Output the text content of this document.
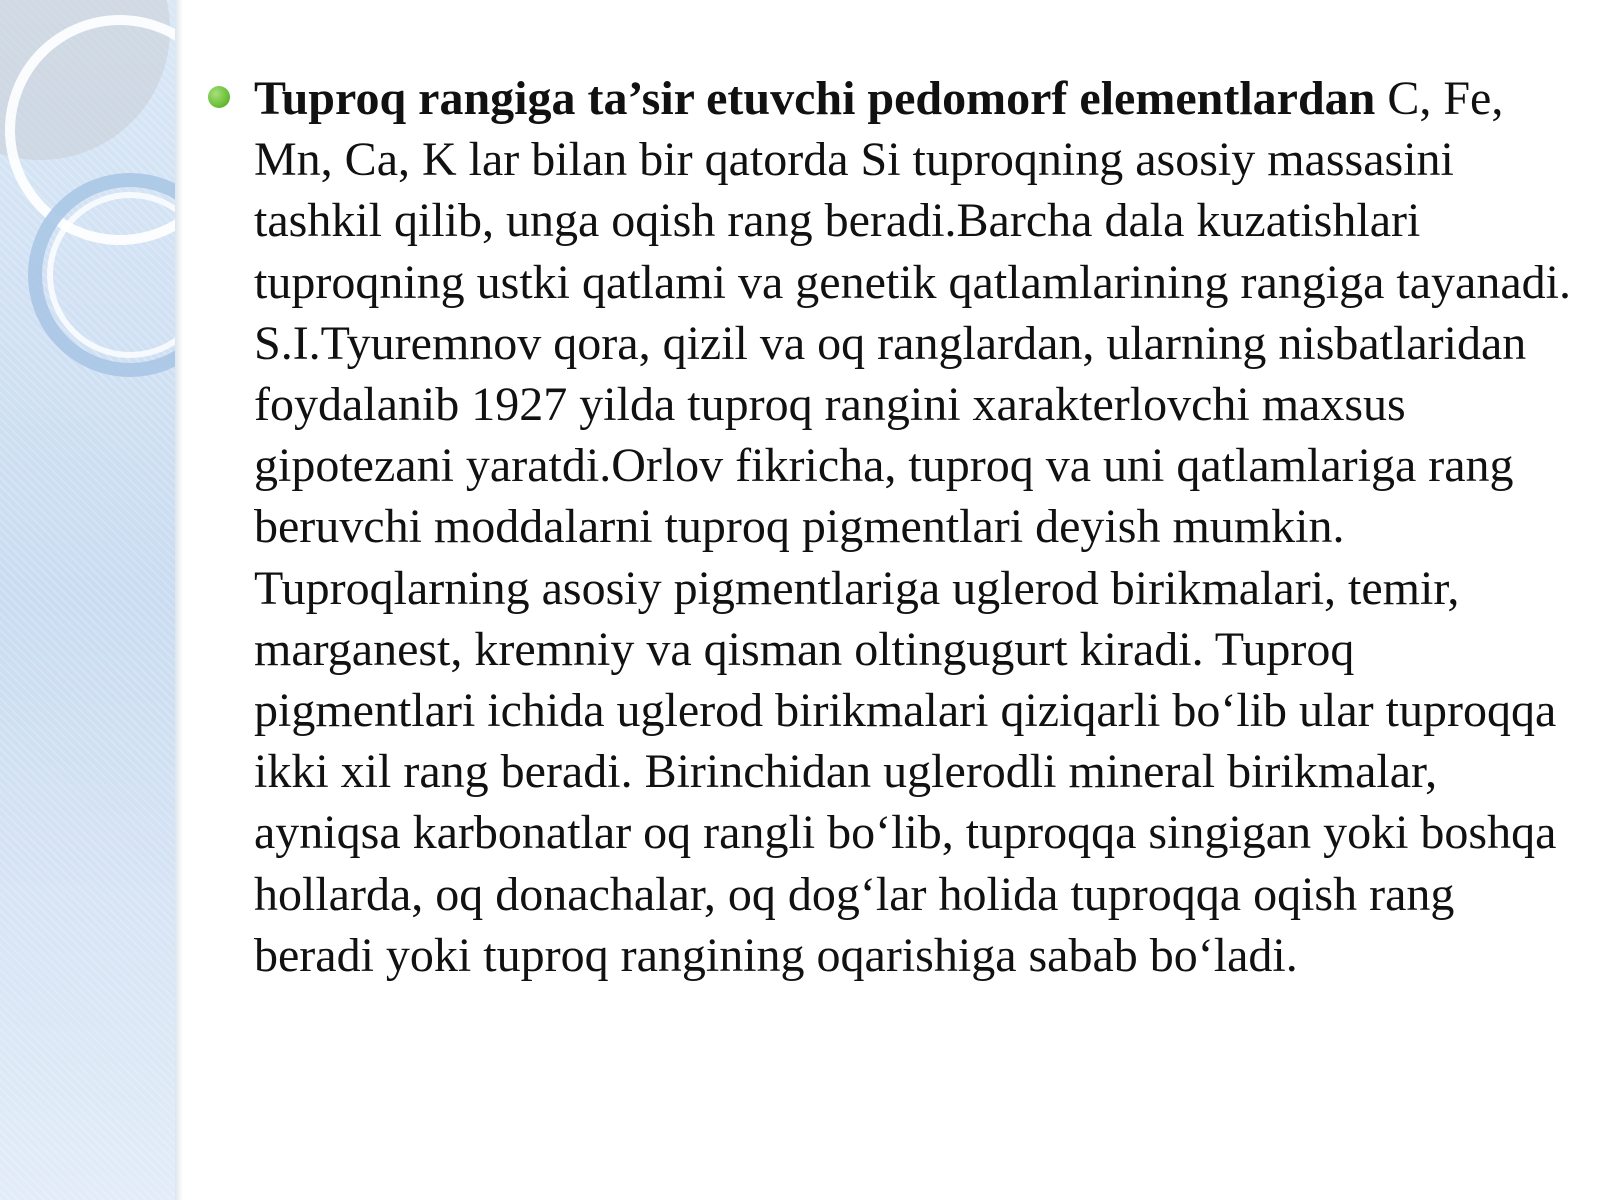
Tuproq rangiga ta’sir etuvchi pedomorf elementlardan C, Fe, Mn, Ca, K lar bilan bir qatorda Si tuproqning asosiy massasini tashkil qilib, unga oqish rang beradi.Barcha dala kuzatishlari tuproqning ustki qatlami va genetik qatlamlarining rangiga tayanadi. S.I.Tyuremnov qora, qizil va oq ranglardan, ularning nisbatlaridan foydalanib 1927 yilda tuproq rangini xarakterlovchi maxsus gipotezani yaratdi.Orlov fikricha, tuproq va uni qatlamlariga rang beruvchi moddalarni tuproq pigmentlari deyish mumkin. Tuproqlarning asosiy pigmentlariga uglerod birikmalari, temir, marganest, kremniy va qisman oltingugurt kiradi. Tuproq pigmentlari ichida uglerod birikmalari qiziqarli bo‘lib ular tuproqqa ikki xil rang beradi. Birinchidan uglerodli mineral birikmalar, ayniqsa karbonatlar oq rangli bo‘lib, tuproqqa singigan yoki boshqa hollarda, oq donachalar, oq dog‘lar holida tuproqqa oqish rang beradi yoki tuproq rangining oqarishiga sabab bo‘ladi.
